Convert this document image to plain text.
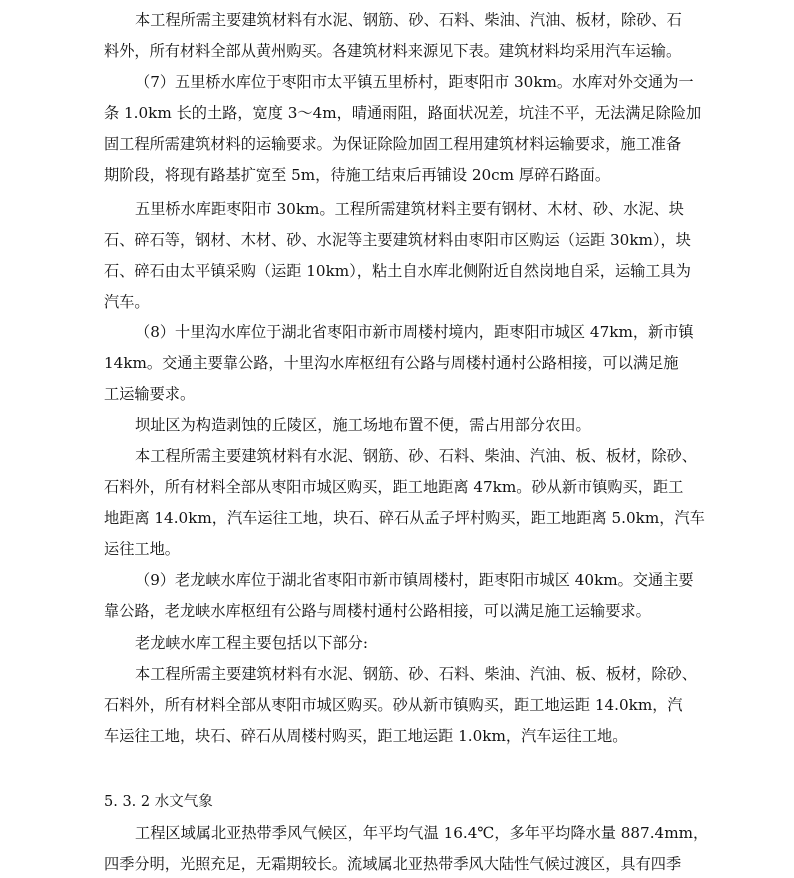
本工程所需主要建筑材料有水泥、钢筋、砂、石料、柴油、汽油、板材，除砂、石
料外，所有材料全部从黄州购买。各建筑材料来源见下表。建筑材料均采用汽车运输。
（7）五里桥水库位于枣阳市太平镇五里桥村，距枣阳市 30km。水库对外交通为一
条 1.0km 长的土路，宽度 3～4m，晴通雨阻，路面状况差，坑洼不平，无法满足除险加
固工程所需建筑材料的运输要求。为保证除险加固工程用建筑材料运输要求，施工准备
期阶段，将现有路基扩宽至 5m，待施工结束后再铺设 20cm 厚碎石路面。
五里桥水库距枣阳市 30km。工程所需建筑材料主要有钢材、木材、砂、水泥、块
石、碎石等，钢材、木材、砂、水泥等主要建筑材料由枣阳市区购运（运距 30km），块
石、碎石由太平镇采购（运距 10km），粘土自水库北侧附近自然岗地自采，运输工具为
汽车。
（8）十里沟水库位于湖北省枣阳市新市周楼村境内，距枣阳市城区 47km，新市镇
14km。交通主要靠公路，十里沟水库枢纽有公路与周楼村通村公路相接，可以满足施
工运输要求。
坝址区为构造剥蚀的丘陵区，施工场地布置不便，需占用部分农田。
本工程所需主要建筑材料有水泥、钢筋、砂、石料、柴油、汽油、板、板材，除砂、
石料外，所有材料全部从枣阳市城区购买，距工地距离 47km。砂从新市镇购买，距工
地距离 14.0km，汽车运往工地，块石、碎石从孟子坪村购买，距工地距离 5.0km，汽车
运往工地。
（9）老龙峡水库位于湖北省枣阳市新市镇周楼村，距枣阳市城区 40km。交通主要
靠公路，老龙峡水库枢纽有公路与周楼村通村公路相接，可以满足施工运输要求。
老龙峡水库工程主要包括以下部分:
本工程所需主要建筑材料有水泥、钢筋、砂、石料、柴油、汽油、板、板材，除砂、
石料外，所有材料全部从枣阳市城区购买。砂从新市镇购买，距工地运距 14.0km，汽
车运往工地，块石、碎石从周楼村购买，距工地运距 1.0km，汽车运往工地。
5. 3. 2 水文气象
工程区域属北亚热带季风气候区，年平均气温 16.4℃，多年平均降水量 887.4mm，
四季分明，光照充足，无霜期较长。流域属北亚热带季风大陆性气候过渡区，具有四季
